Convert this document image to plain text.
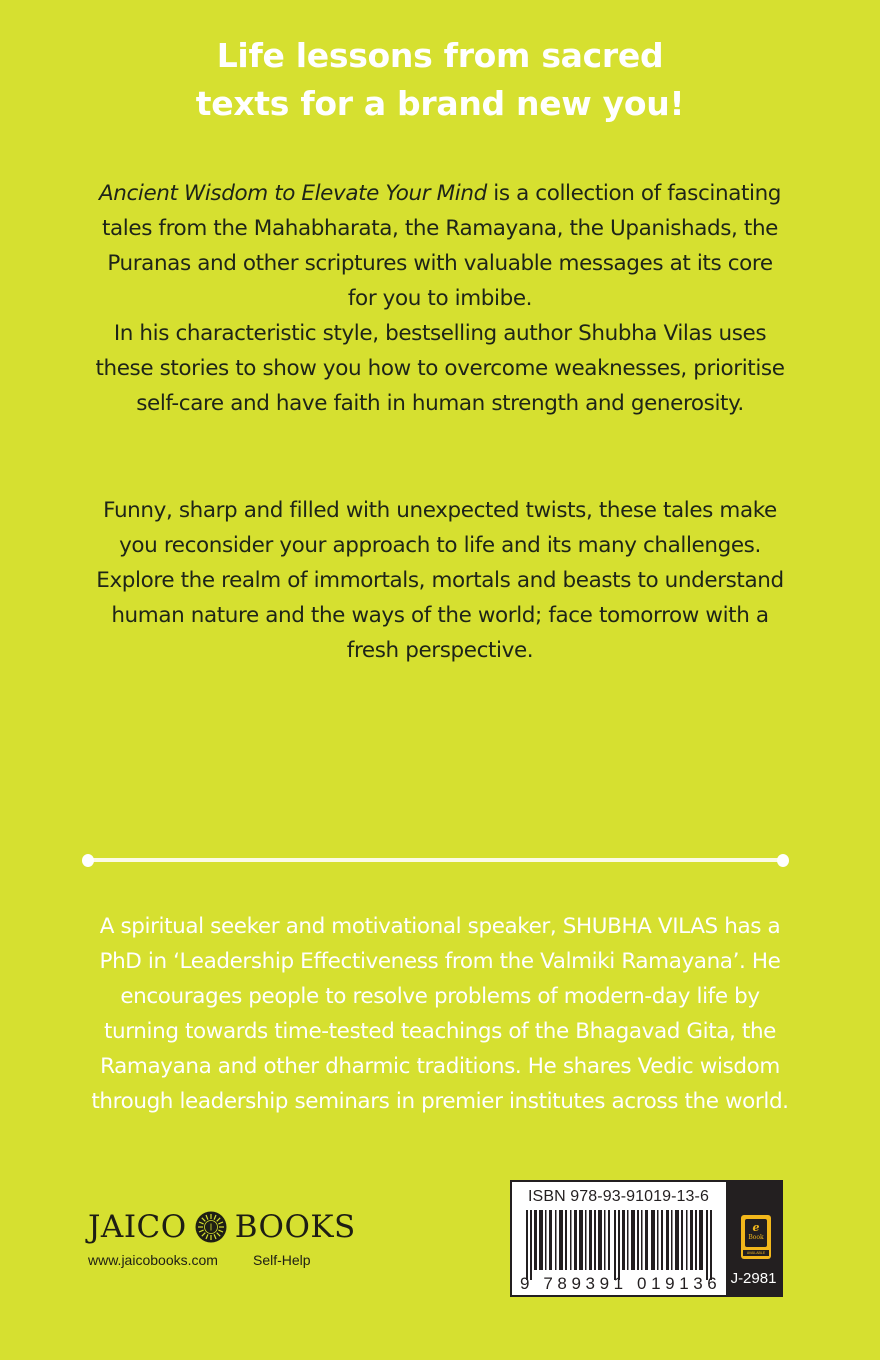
Life lessons from sacred
texts for a brand new you!

Ancient Wisdom to Elevate Your Mind is a collection of fascinating tales from the Mahabharata, the Ramayana, the Upanishads, the Puranas and other scriptures with valuable messages at its core for you to imbibe.

In his characteristic style, bestselling author Shubha Vilas uses these stories to show you how to overcome weaknesses, prioritise self-care and have faith in human strength and generosity.

Funny, sharp and filled with unexpected twists, these tales make you reconsider your approach to life and its many challenges. Explore the realm of immortals, mortals and beasts to understand human nature and the ways of the world; face tomorrow with a fresh perspective.

A spiritual seeker and motivational speaker, SHUBHA VILAS has a PhD in ‘Leadership Effectiveness from the Valmiki Ramayana’. He encourages people to resolve problems of modern-day life by turning towards time-tested teachings of the Bhagavad Gita, the Ramayana and other dharmic traditions. He shares Vedic wisdom through leadership seminars in premier institutes across the world.

JAICO BOOKS
www.jaicobooks.com	Self-Help
ISBN 978-93-91019-13-6
9 789391 019136
e
Book
AVAILABLE
J-2981
